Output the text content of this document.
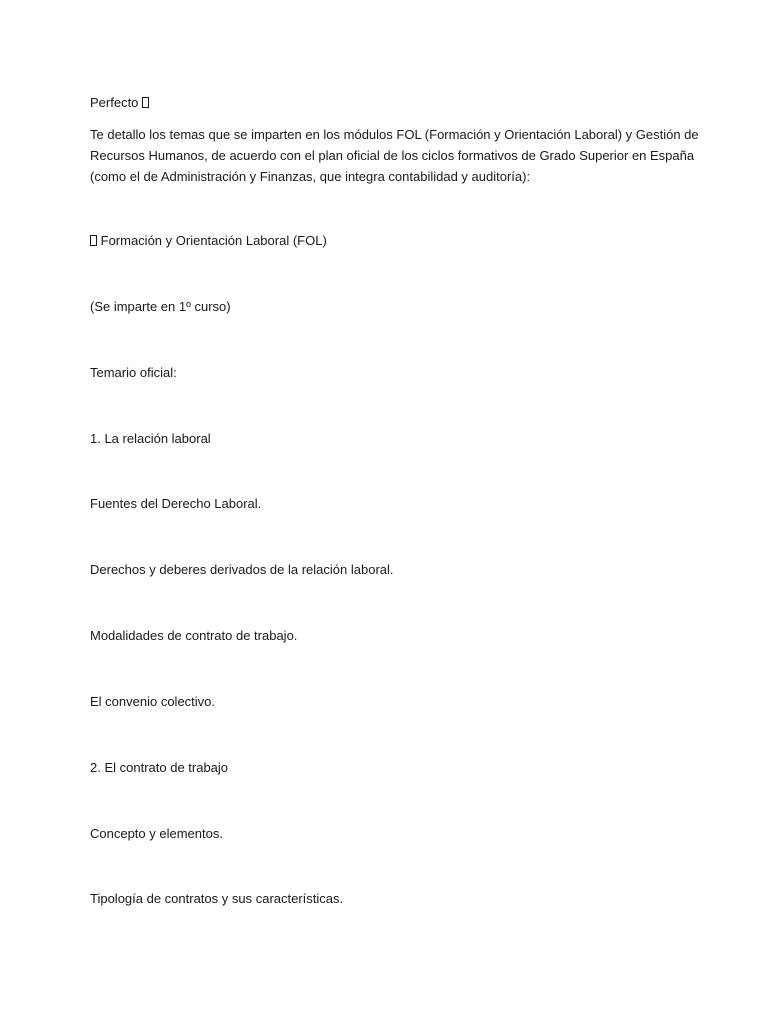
Perfecto
Te detallo los temas que se imparten en los módulos FOL (Formación y Orientación Laboral) y Gestión de
Recursos Humanos, de acuerdo con el plan oficial de los ciclos formativos de Grado Superior en España
(como el de Administración y Finanzas, que integra contabilidad y auditoría):
Formación y Orientación Laboral (FOL)
(Se imparte en 1º curso)
Temario oficial:
1. La relación laboral
Fuentes del Derecho Laboral.
Derechos y deberes derivados de la relación laboral.
Modalidades de contrato de trabajo.
El convenio colectivo.
2. El contrato de trabajo
Concepto y elementos.
Tipología de contratos y sus características.
